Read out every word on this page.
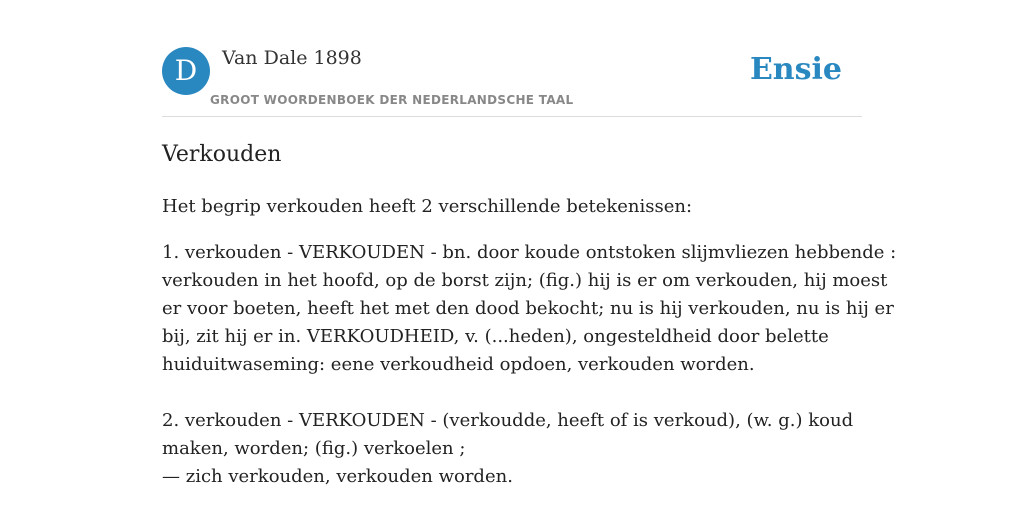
D	Van Dale 1898
GROOT WOORDENBOEK DER NEDERLANDSCHE TAAL
Ensie
Verkouden
Het begrip verkouden heeft 2 verschillende betekenissen:

1. verkouden - VERKOUDEN - bn. door koude ontstoken slijmvliezen hebbende :
verkouden in het hoofd, op de borst zijn; (fig.) hij is er om verkouden, hij moest
er voor boeten, heeft het met den dood bekocht; nu is hij verkouden, nu is hij er
bij, zit hij er in. VERKOUDHEID, v. (...heden), ongesteldheid door belette
huiduitwaseming: eene verkoudheid opdoen, verkouden worden.

2. verkouden - VERKOUDEN - (verkoudde, heeft of is verkoud), (w. g.) koud
maken, worden; (fig.) verkoelen ;
— zich verkouden, verkouden worden.
